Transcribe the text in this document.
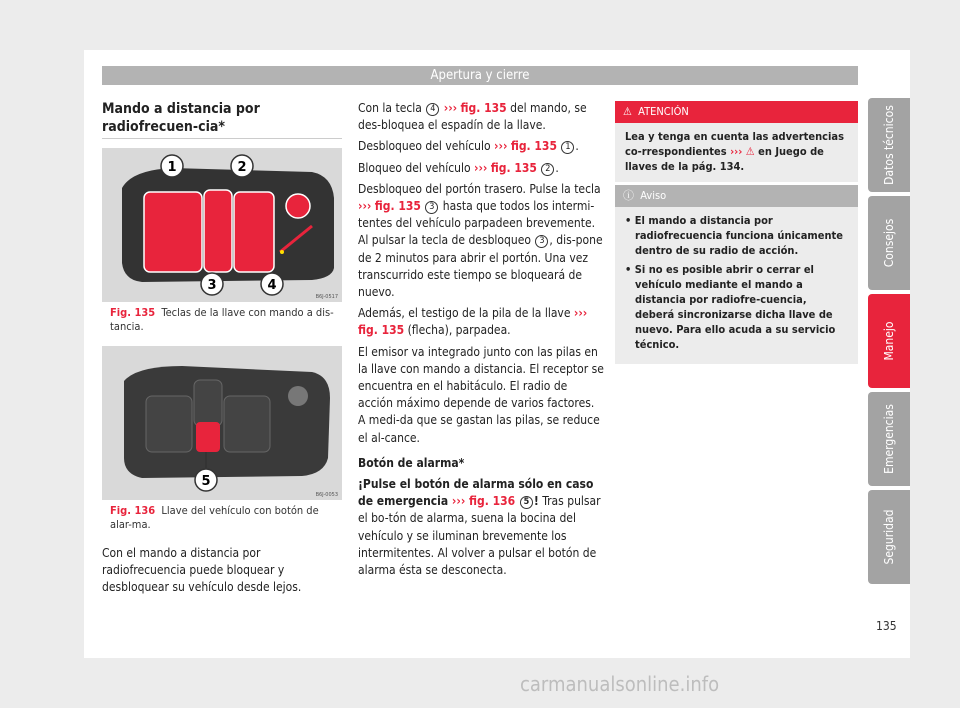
Apertura y cierre
Datos técnicos
Consejos
Manejo
Emergencias
Seguridad
Mando a distancia por radiofrecuen-cia*
1	2
3	4
B6J-0517
Fig. 135 Teclas de la llave con mando a dis-tancia.
5
B6J-0053
Fig. 136 Llave del vehículo con botón de alar-ma.

Con el mando a distancia por radiofrecuencia puede bloquear y desbloquear su vehículo desde lejos.

Con la tecla 4 ››› fig. 135 del mando, se des-bloquea el espadín de la llave.

Desbloqueo del vehículo ››› fig. 135 1 .

Bloqueo del vehículo ››› fig. 135 2 .

Desbloqueo del portón trasero. Pulse la tecla ››› fig. 135 3 hasta que todos los intermi-tentes del vehículo parpadeen brevemente. Al pulsar la tecla de desbloqueo 3 , dis-pone de 2 minutos para abrir el portón. Una vez transcurrido este tiempo se bloqueará de nuevo.

Además, el testigo de la pila de la llave ››› fig. 135 (flecha), parpadea.

El emisor va integrado junto con las pilas en la llave con mando a distancia. El receptor se encuentra en el habitáculo. El radio de acción máximo depende de varios factores. A medi-da que se gastan las pilas, se reduce el al-cance.

Botón de alarma*

¡Pulse el botón de alarma sólo en caso de emergencia ››› fig. 136 5 ! Tras pulsar el bo-tón de alarma, suena la bocina del vehículo y se iluminan brevemente los intermitentes. Al volver a pulsar el botón de alarma ésta se desconecta.

⚠ ATENCIÓN
Lea y tenga en cuenta las advertencias co-rrespondientes ››› ⚠ en Juego de llaves de la pág. 134.
ⓘ Aviso

• El mando a distancia por radiofrecuencia funciona únicamente dentro de su radio de acción.

• Si no es posible abrir o cerrar el vehículo mediante el mando a distancia por radiofre-cuencia, deberá sincronizarse dicha llave de nuevo. Para ello acuda a su servicio técnico.

135
carmanualsonline.info
